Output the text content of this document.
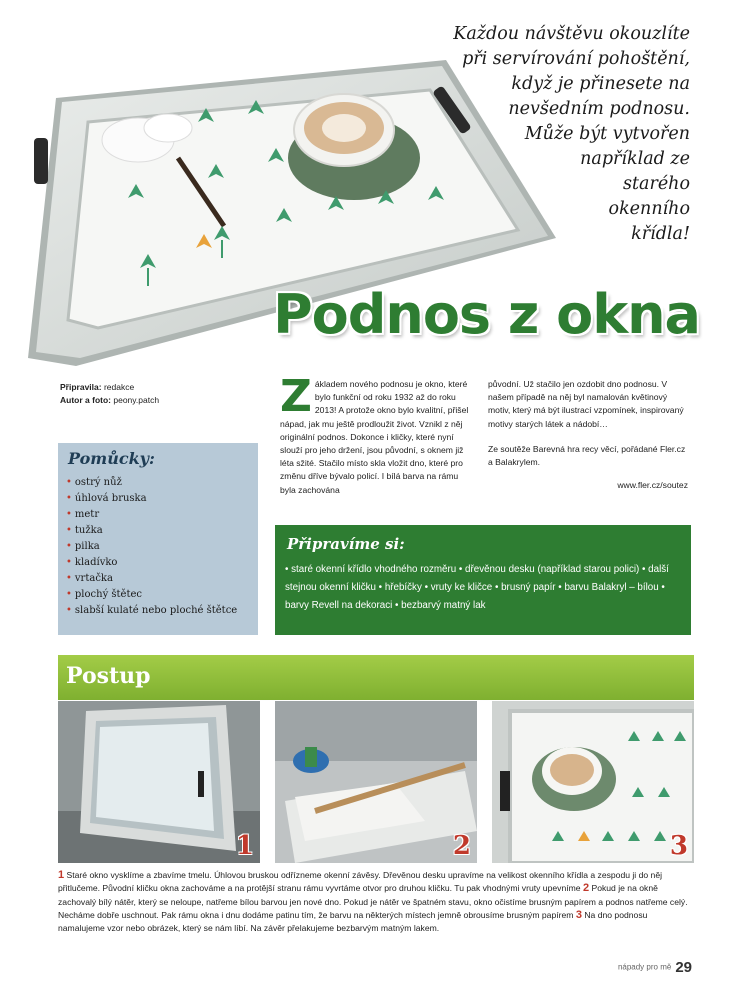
Každou návštěvu okouzlíte
při servírování pohoštění,
když je přinesete na
nevšedním podnosu.
Může být vytvořen
například ze
starého
okenního
křídla!
Podnos z okna
Připravila: redakce
Autor a foto: peony.patch
Pomůcky:
• ostrý nůž
• úhlová bruska
• metr
• tužka
• pilka
• kladívko
• vrtačka
• plochý štětec
• slabší kulaté nebo ploché štětce
Základem nového podnosu je okno, které bylo funkční od roku 1932 až do roku 2013! A protože okno bylo kvalitní, přišel nápad, jak mu ještě prodloužit život. Vznikl z něj originální podnos. Dokonce i kličky, které nyní slouží pro jeho držení, jsou původní, s oknem již léta sžité. Stačilo místo skla vložit dno, které pro změnu dříve bývalo policí. I bílá barva na rámu byla zachována
původní. Už stačilo jen ozdobit dno podnosu. V našem případě na něj byl namalován květinový motiv, který má být ilustrací vzpomínek, inspirovaný motivy starých látek a nádobí…
Ze soutěže Barevná hra recy věcí, pořádané Fler.cz a Balakrylem.
www.fler.cz/soutez
Připravíme si:
• staré okenní křídlo vhodného rozměru • dřevěnou desku (například starou polici) • další stejnou okenní kličku • hřebíčky • vruty ke kličce • brusný papír • barvu Balakryl – bílou • barvy Revell na dekoraci • bezbarvý matný lak
Postup
1	2	3
1 Staré okno vysklíme a zbavíme tmelu. Úhlovou bruskou odřízneme okenní závěsy. Dřevěnou desku upravíme na velikost okenního křídla a zespodu ji do něj přitlučeme. Původní kličku okna zachováme a na protější stranu rámu vyvrtáme otvor pro druhou kličku. Tu pak vhodnými vruty upevníme 2 Pokud je na okně zachovalý bílý nátěr, který se neloupe, natřeme bílou barvou jen nové dno. Pokud je nátěr ve špatném stavu, okno očistíme brusným papírem a podnos natřeme celý. Necháme dobře uschnout. Pak rámu okna i dnu dodáme patinu tím, že barvu na některých místech jemně obrousíme brusným papírem 3 Na dno podnosu namalujeme vzor nebo obrázek, který se nám líbí. Na závěr přelakujeme bezbarvým matným lakem.
nápady pro mě 29
